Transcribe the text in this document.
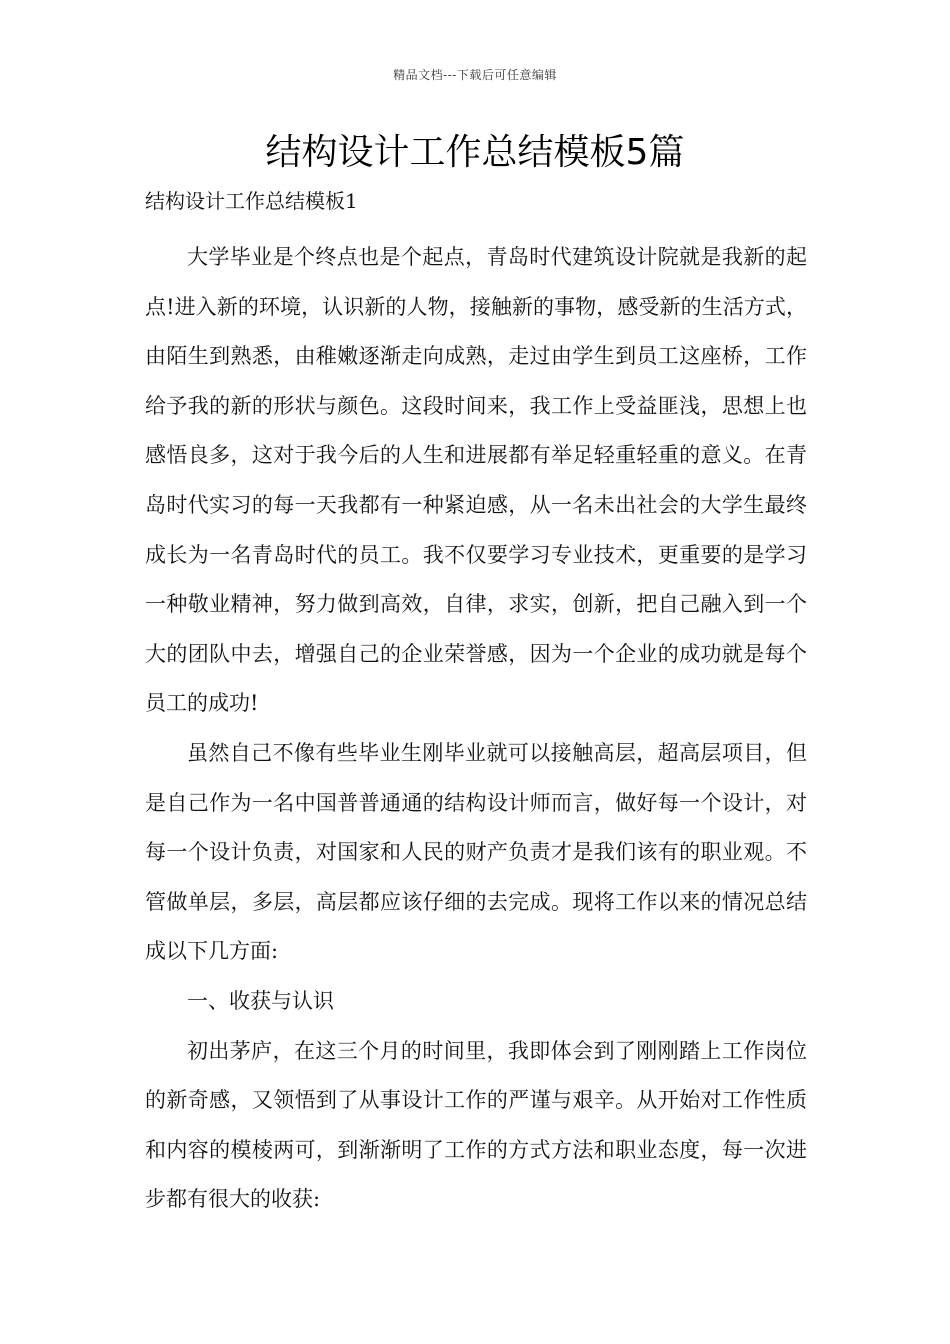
精品文档---下载后可任意编辑
结构设计工作总结模板5篇
结构设计工作总结模板1

大学毕业是个终点也是个起点，青岛时代建筑设计院就是我新的起点!进入新的环境，认识新的人物，接触新的事物，感受新的生活方式，由陌生到熟悉，由稚嫩逐渐走向成熟，走过由学生到员工这座桥，工作给予我的新的形状与颜色。这段时间来，我工作上受益匪浅，思想上也感悟良多，这对于我今后的人生和进展都有举足轻重轻重的意义。在青岛时代实习的每一天我都有一种紧迫感，从一名未出社会的大学生最终成长为一名青岛时代的员工。我不仅要学习专业技术，更重要的是学习一种敬业精神，努力做到高效，自律，求实，创新，把自己融入到一个大的团队中去，增强自己的企业荣誉感，因为一个企业的成功就是每个员工的成功!

虽然自己不像有些毕业生刚毕业就可以接触高层，超高层项目，但是自己作为一名中国普普通通的结构设计师而言，做好每一个设计，对每一个设计负责，对国家和人民的财产负责才是我们该有的职业观。不管做单层，多层，高层都应该仔细的去完成。现将工作以来的情况总结成以下几方面:

一、收获与认识

初出茅庐，在这三个月的时间里，我即体会到了刚刚踏上工作岗位的新奇感，又领悟到了从事设计工作的严谨与艰辛。从开始对工作性质和内容的模棱两可，到渐渐明了工作的方式方法和职业态度，每一次进步都有很大的收获:
